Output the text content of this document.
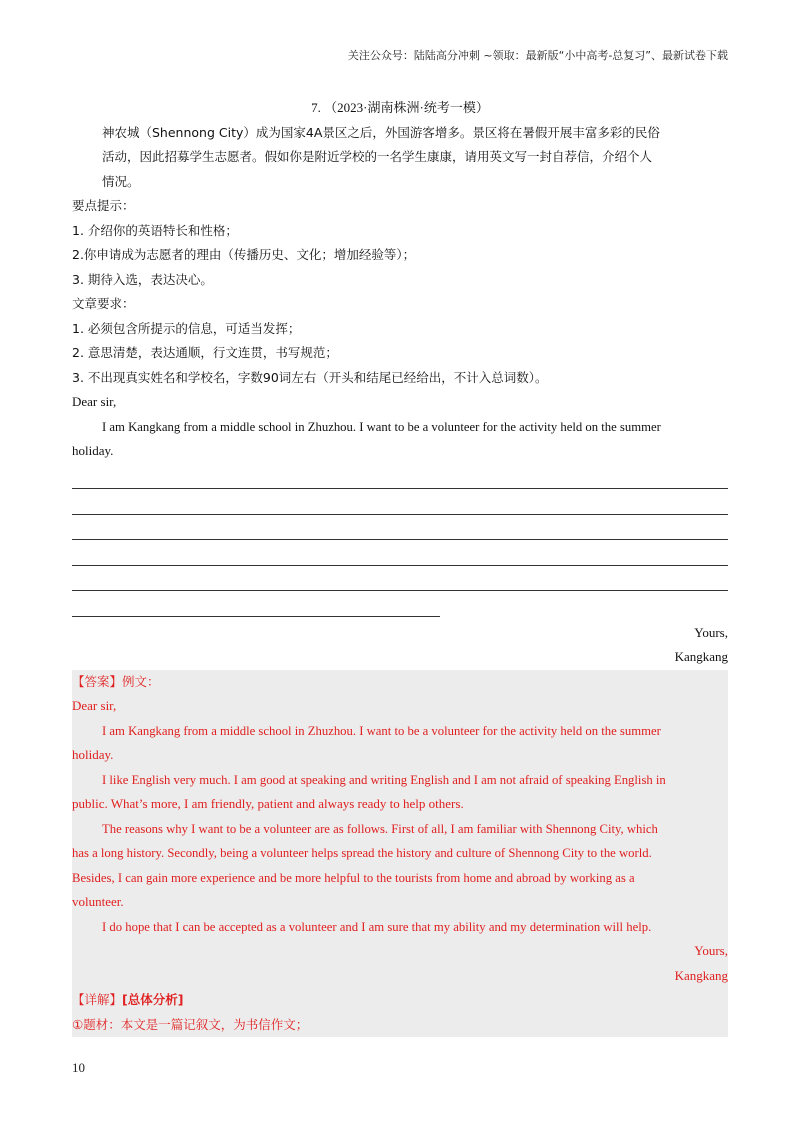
关注公众号：陆陆高分冲刺 ~领取：最新版“小中高考-总复习”、最新试卷下载
7. （2023·湖南株洲·统考一模）
神农城（Shennong City）成为国家4A景区之后，外国游客增多。景区将在暑假开展丰富多彩的民俗
活动，因此招募学生志愿者。假如你是附近学校的一名学生康康，请用英文写一封自荐信，介绍个人
情况。
要点提示：
1. 介绍你的英语特长和性格；
2.你申请成为志愿者的理由（传播历史、文化；增加经验等）；
3. 期待入选，表达决心。
文章要求：
1. 必须包含所提示的信息，可适当发挥；
2. 意思清楚，表达通顺，行文连贯，书写规范；
3. 不出现真实姓名和学校名，字数90词左右（开头和结尾已经给出，不计入总词数）。
Dear sir,
I am Kangkang from a middle school in Zhuzhou. I want to be a volunteer for the activity held on the summer
holiday.
Yours,
Kangkang
【答案】例文：
Dear sir,
I am Kangkang from a middle school in Zhuzhou. I want to be a volunteer for the activity held on the summer
holiday.
I like English very much. I am good at speaking and writing English and I am not afraid of speaking English in
public. What’s more, I am friendly, patient and always ready to help others.
The reasons why I want to be a volunteer are as follows. First of all, I am familiar with Shennong City, which
has a long history. Secondly, being a volunteer helps spread the history and culture of Shennong City to the world.
Besides, I can gain more experience and be more helpful to the tourists from home and abroad by working as a
volunteer.
I do hope that I can be accepted as a volunteer and I am sure that my ability and my determination will help.
Yours,
Kangkang
【详解】[总体分析]
①题材：本文是一篇记叙文，为书信作文；
10
